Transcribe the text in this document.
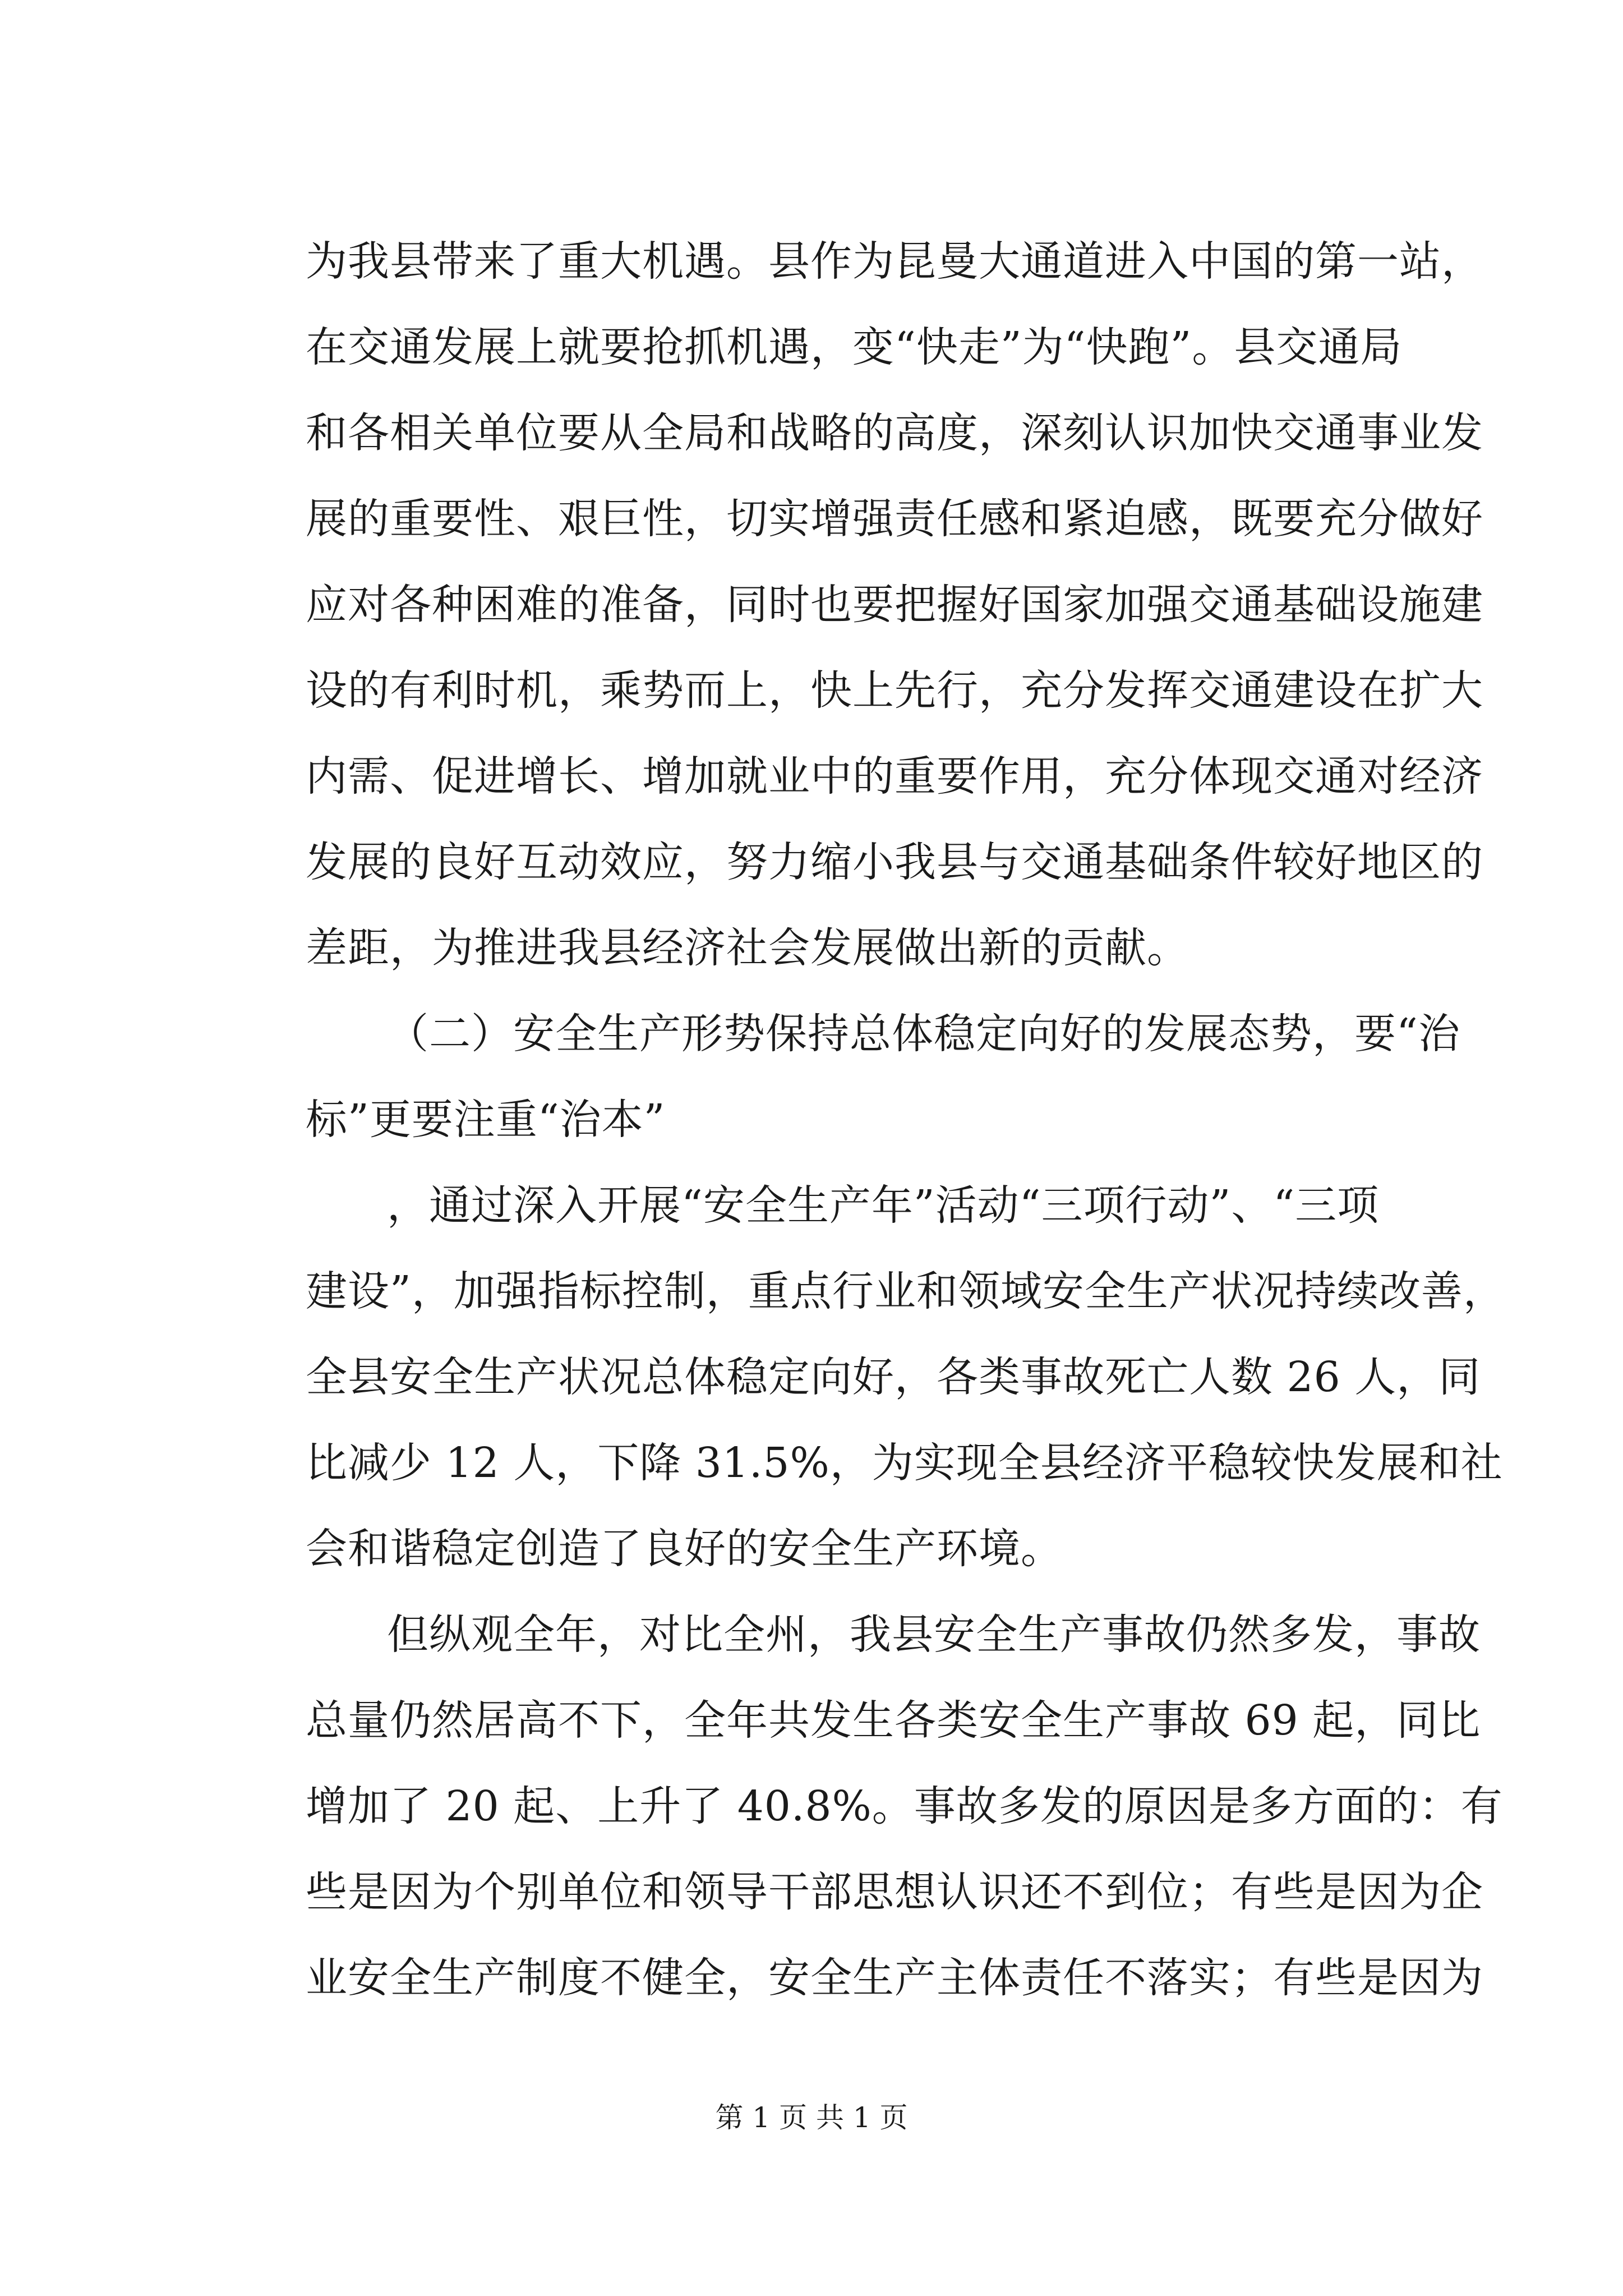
为我县带来了重大机遇。县作为昆曼大通道进入中国的第一站，
在交通发展上就要抢抓机遇，变“快走”为“快跑”。县交通局
和各相关单位要从全局和战略的高度，深刻认识加快交通事业发
展的重要性、艰巨性，切实增强责任感和紧迫感，既要充分做好
应对各种困难的准备，同时也要把握好国家加强交通基础设施建
设的有利时机，乘势而上，快上先行，充分发挥交通建设在扩大
内需、促进增长、增加就业中的重要作用，充分体现交通对经济
发展的良好互动效应，努力缩小我县与交通基础条件较好地区的
差距，为推进我县经济社会发展做出新的贡献。
（二）安全生产形势保持总体稳定向好的发展态势，要“治
标”更要注重“治本”
，通过深入开展“安全生产年”活动“三项行动”、“三项
建设”，加强指标控制，重点行业和领域安全生产状况持续改善，
全县安全生产状况总体稳定向好，各类事故死亡人数 26 人，同
比减少 12 人，下降 31.5%，为实现全县经济平稳较快发展和社
会和谐稳定创造了良好的安全生产环境。
但纵观全年，对比全州，我县安全生产事故仍然多发，事故
总量仍然居高不下，全年共发生各类安全生产事故 69 起，同比
增加了 20 起、上升了 40.8%。事故多发的原因是多方面的：有
些是因为个别单位和领导干部思想认识还不到位；有些是因为企
业安全生产制度不健全，安全生产主体责任不落实；有些是因为
第 1 页 共 1 页
